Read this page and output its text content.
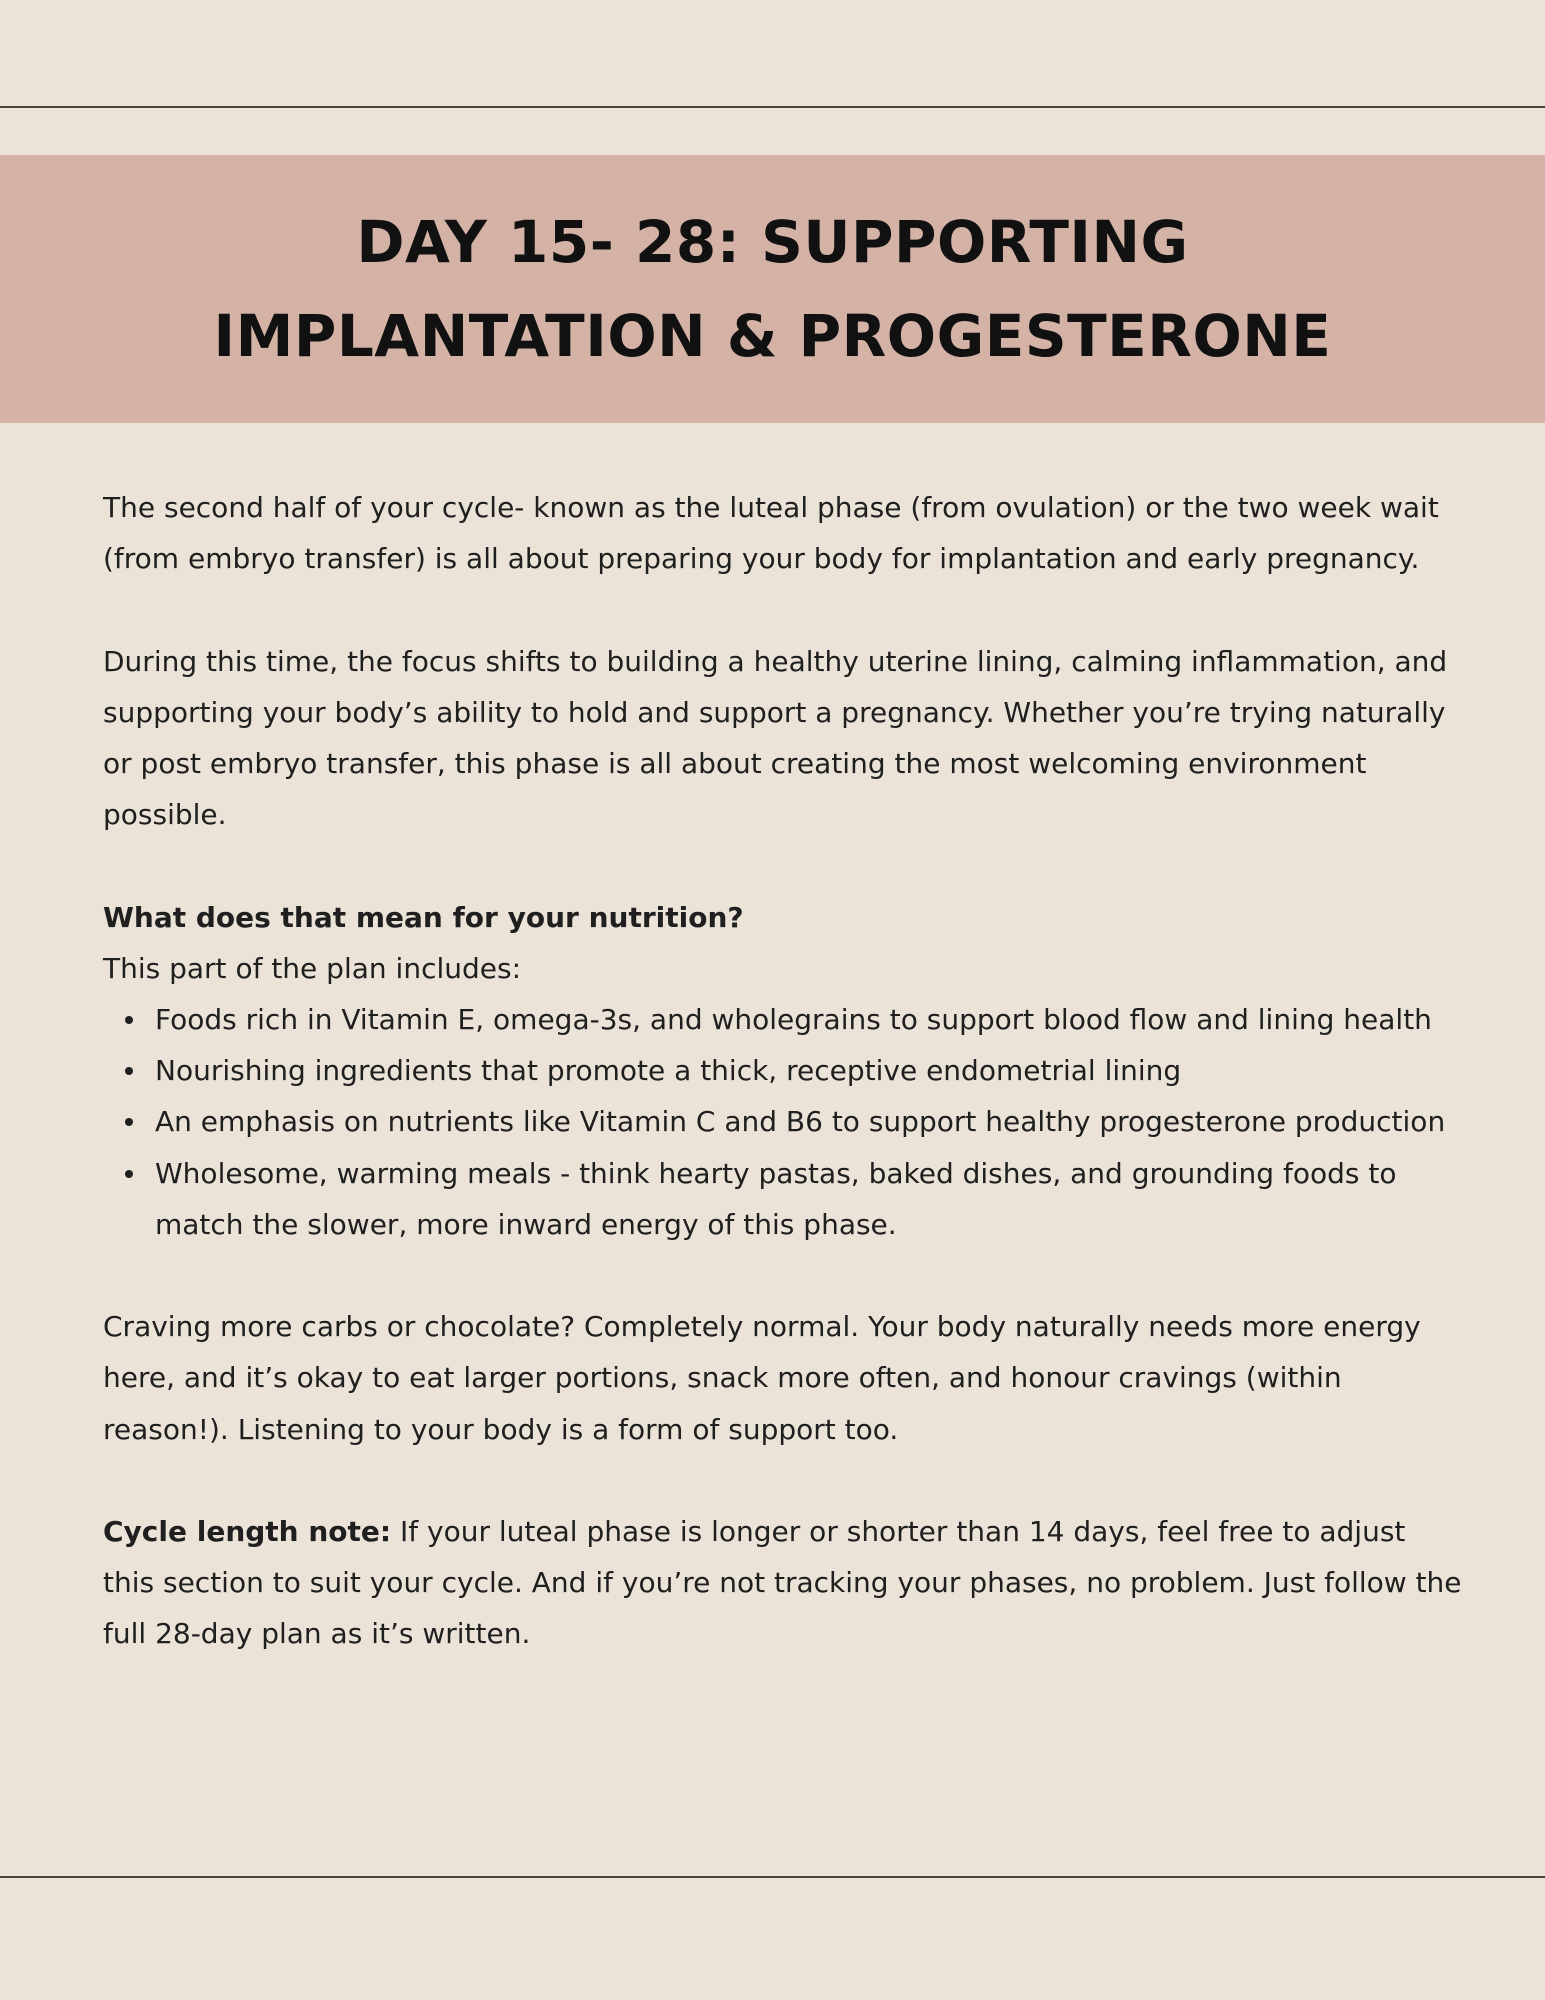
DAY 15- 28: SUPPORTING
IMPLANTATION & PROGESTERONE

The second half of your cycle- known as the luteal phase (from ovulation) or the two week wait (from embryo transfer) is all about preparing your body for implantation and early pregnancy.

During this time, the focus shifts to building a healthy uterine lining, calming inflammation, and supporting your body’s ability to hold and support a pregnancy. Whether you’re trying naturally or post embryo transfer, this phase is all about creating the most welcoming environment possible.

What does that mean for your nutrition?

This part of the plan includes:

Foods rich in Vitamin E, omega-3s, and wholegrains to support blood flow and lining health
Nourishing ingredients that promote a thick, receptive endometrial lining
An emphasis on nutrients like Vitamin C and B6 to support healthy progesterone production
Wholesome, warming meals - think hearty pastas, baked dishes, and grounding foods to match the slower, more inward energy of this phase.

Craving more carbs or chocolate? Completely normal. Your body naturally needs more energy here, and it’s okay to eat larger portions, snack more often, and honour cravings (within reason!). Listening to your body is a form of support too.

Cycle length note: If your luteal phase is longer or shorter than 14 days, feel free to adjust this section to suit your cycle. And if you’re not tracking your phases, no problem. Just follow the full 28-day plan as it’s written.
